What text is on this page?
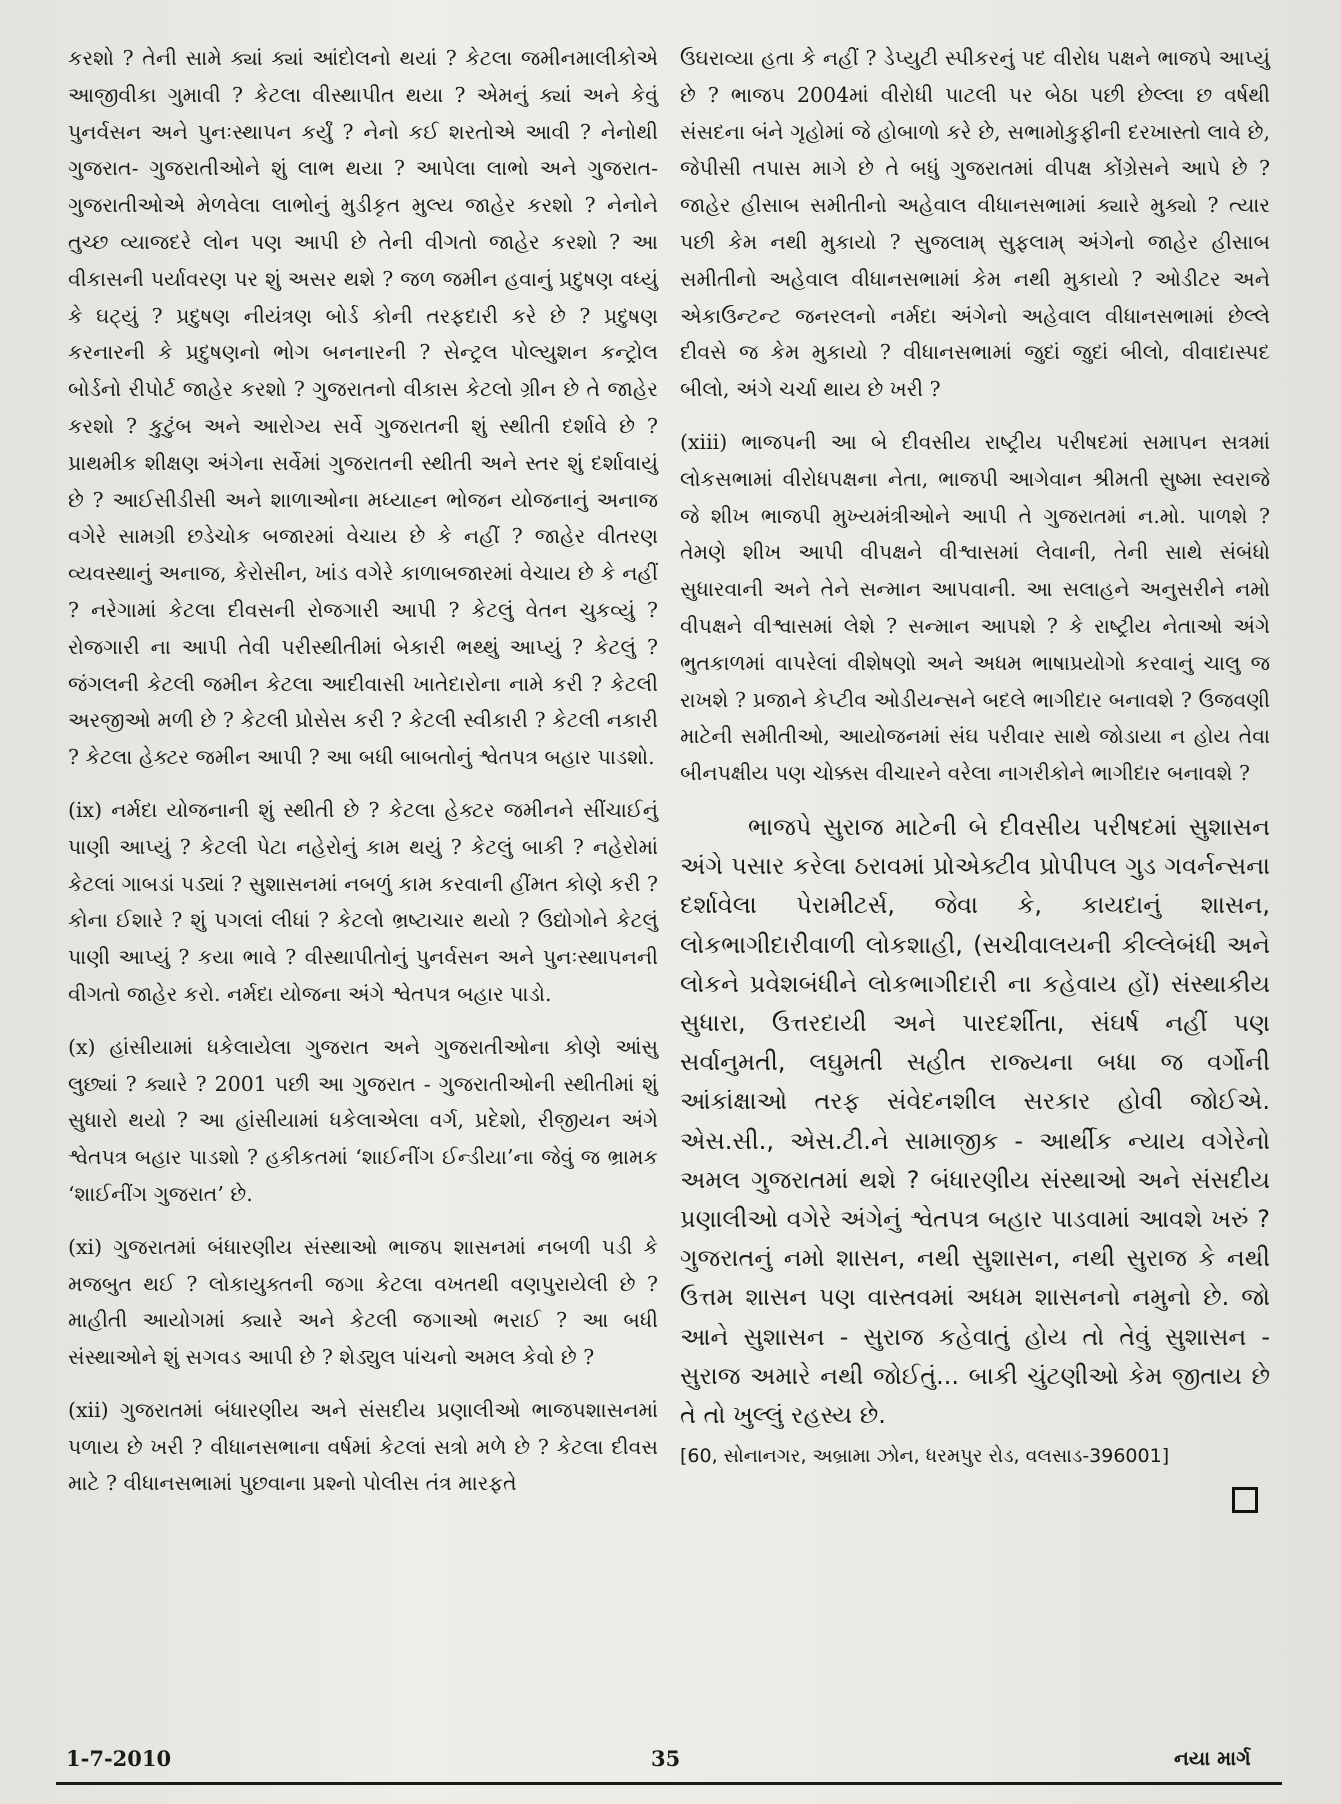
કરશો ? તેની સામે ક્યાં ક્યાં આંદોલનો થયાં ? કેટલા જમીનમાલીકોએ આજીવીકા ગુમાવી ? કેટલા વીસ્થાપીત થયા ? એમનું ક્યાં અને કેવું પુનર્વસન અને પુનઃસ્થાપન કર્યું ? નેનો કઈ શરતોએ આવી ? નેનોથી ગુજરાત- ગુજરાતીઓને શું લાભ થયા ? આપેલા લાભો અને ગુજરાત-ગુજરાતીઓએ મેળવેલા લાભોનું મુડીકૃત મુલ્ય જાહેર કરશો ? નેનોને તુચ્છ વ્યાજદરે લોન પણ આપી છે તેની વીગતો જાહેર કરશો ? આ વીકાસની પર્યાવરણ પર શું અસર થશે ? જળ જમીન હવાનું પ્રદુષણ વધ્યું કે ઘટ્યું ? પ્રદુષણ નીયંત્રણ બોર્ડ કોની તરફદારી કરે છે ? પ્રદુષણ કરનારની કે પ્રદુષણનો ભોગ બનનારની ? સેન્ટ્રલ પોલ્યુશન કન્ટ્રોલ બોર્ડનો રીપોર્ટ જાહેર કરશો ? ગુજરાતનો વીકાસ કેટલો ગ્રીન છે તે જાહેર કરશો ? કુટુંબ અને આરોગ્ય સર્વે ગુજરાતની શું સ્થીતી દર્શાવે છે ? પ્રાથમીક શીક્ષણ અંગેના સર્વેમાં ગુજરાતની સ્થીતી અને સ્તર શું દર્શાવાયું છે ? આઈસીડીસી અને શાળાઓના મધ્યાહ્ન ભોજન યોજનાનું અનાજ વગેરે સામગ્રી છડેચોક બજારમાં વેચાય છે કે નહીં ? જાહેર વીતરણ વ્યવસ્થાનું અનાજ, કેરોસીન, ખાંડ વગેરે કાળાબજારમાં વેચાય છે કે નહીં ? નરેગામાં કેટલા દીવસની રોજગારી આપી ? કેટલું વેતન ચુકવ્યું ? રોજગારી ના આપી તેવી પરીસ્થીતીમાં બેકારી ભથ્થું આપ્યું ? કેટલું ? જંગલની કેટલી જમીન કેટલા આદીવાસી ખાતેદારોના નામે કરી ? કેટલી અરજીઓ મળી છે ? કેટલી પ્રોસેસ કરી ? કેટલી સ્વીકારી ? કેટલી નકારી ? કેટલા હેક્ટર જમીન આપી ? આ બધી બાબતોનું શ્વેતપત્ર બહાર પાડશો.

(ix) નર્મદા યોજનાની શું સ્થીતી છે ? કેટલા હેક્ટર જમીનને સીંચાઈનું પાણી આપ્યું ? કેટલી પેટા નહેરોનું કામ થયું ? કેટલું બાકી ? નહેરોમાં કેટલાં ગાબડાં પડ્યાં ? સુશાસનમાં નબળું કામ કરવાની હીંમત કોણે કરી ? કોના ઈશારે ? શું પગલાં લીધાં ? કેટલો ભ્રષ્ટાચાર થયો ? ઉદ્યોગોને કેટલું પાણી આપ્યું ? કયા ભાવે ? વીસ્થાપીતોનું પુનર્વસન અને પુનઃસ્થાપનની વીગતો જાહેર કરો. નર્મદા યોજના અંગે શ્વેતપત્ર બહાર પાડો.

(x) હાંસીયામાં ધકેલાયેલા ગુજરાત અને ગુજરાતીઓના કોણે આંસુ લુછ્યાં ? ક્યારે ? 2001 પછી આ ગુજરાત - ગુજરાતીઓની સ્થીતીમાં શું સુધારો થયો ? આ હાંસીયામાં ધકેલાએલા વર્ગ, પ્રદેશો, રીજીયન અંગે શ્વેતપત્ર બહાર પાડશો ? હકીકતમાં ‘શાઈનીંગ ઈન્ડીયા’ના જેવું જ ભ્રામક ‘શાઈનીંગ ગુજરાત’ છે.

(xi) ગુજરાતમાં બંધારણીય સંસ્થાઓ ભાજપ શાસનમાં નબળી પડી કે મજબુત થઈ ? લોકાયુક્તની જગા કેટલા વખતથી વણપુરાયેલી છે ? માહીતી આયોગમાં ક્યારે અને કેટલી જગાઓ ભરાઈ ? આ બધી સંસ્થાઓને શું સગવડ આપી છે ? શેડ્યુલ પાંચનો અમલ કેવો છે ?

(xii) ગુજરાતમાં બંધારણીય અને સંસદીય પ્રણાલીઓ ભાજપશાસનમાં પળાય છે ખરી ? વીધાનસભાના વર્ષમાં કેટલાં સત્રો મળે છે ? કેટલા દીવસ માટે ? વીધાનસભામાં પુછવાના પ્રશ્નો પોલીસ તંત્ર મારફતે

ઉઘરાવ્યા હતા કે નહીં ? ડેપ્યુટી સ્પીકરનું પદ વીરોધ પક્ષને ભાજપે આપ્યું છે ? ભાજપ 2004માં વીરોધી પાટલી પર બેઠા પછી છેલ્લા છ વર્ષથી સંસદના બંને ગૃહોમાં જે હોબાળો કરે છે, સભામોકુફીની દરખાસ્તો લાવે છે, જેપીસી તપાસ માગે છે તે બધું ગુજરાતમાં વીપક્ષ કોંગ્રેસને આપે છે ? જાહેર હીસાબ સમીતીનો અહેવાલ વીધાનસભામાં ક્યારે મુક્યો ? ત્યાર પછી કેમ નથી મુકાયો ? સુજલામ્ સુફલામ્ અંગેનો જાહેર હીસાબ સમીતીનો અહેવાલ વીધાનસભામાં કેમ નથી મુકાયો ? ઓડીટર અને એકાઉન્ટન્ટ જનરલનો નર્મદા અંગેનો અહેવાલ વીધાનસભામાં છેલ્લે દીવસે જ કેમ મુકાયો ? વીધાનસભામાં જુદાં જુદાં બીલો, વીવાદાસ્પદ બીલો, અંગે ચર્ચા થાય છે ખરી ?

(xiii) ભાજપની આ બે દીવસીય રાષ્ટ્રીય પરીષદમાં સમાપન સત્રમાં લોકસભામાં વીરોધપક્ષના નેતા, ભાજપી આગેવાન શ્રીમતી સુષ્મા સ્વરાજે જે શીખ ભાજપી મુખ્યમંત્રીઓને આપી તે ગુજરાતમાં ન.મો. પાળશે ? તેમણે શીખ આપી વીપક્ષને વીશ્વાસમાં લેવાની, તેની સાથે સંબંધો સુધારવાની અને તેને સન્માન આપવાની. આ સલાહને અનુસરીને નમો વીપક્ષને વીશ્વાસમાં લેશે ? સન્માન આપશે ? કે રાષ્ટ્રીય નેતાઓ અંગે ભુતકાળમાં વાપરેલાં વીશેષણો અને અધમ ભાષાપ્રયોગો કરવાનું ચાલુ જ રાખશે ? પ્રજાને કેપ્ટીવ ઓડીયન્સને બદલે ભાગીદાર બનાવશે ? ઉજવણી માટેની સમીતીઓ, આયોજનમાં સંઘ પરીવાર સાથે જોડાયા ન હોય તેવા બીનપક્ષીય પણ ચોક્કસ વીચારને વરેલા નાગરીકોને ભાગીદાર બનાવશે ?

ભાજપે સુરાજ માટેની બે દીવસીય પરીષદમાં સુશાસન અંગે પસાર કરેલા ઠરાવમાં પ્રોએક્ટીવ પ્રોપીપલ ગુડ ગવર્નન્સના દર્શાવેલા પેરામીટર્સ, જેવા કે, કાયદાનું શાસન, લોકભાગીદારીવાળી લોકશાહી, (સચીવાલયની કીલ્લેબંધી અને લોકને પ્રવેશબંધીને લોકભાગીદારી ના કહેવાય હોં) સંસ્થાકીય સુધારા, ઉત્તરદાયી અને પારદર્શીતા, સંઘર્ષ નહીં પણ સર્વાનુમતી, લઘુમતી સહીત રાજ્યના બધા જ વર્ગોની આંકાંક્ષાઓ તરફ સંવેદનશીલ સરકાર હોવી જોઈએ. એસ.સી., એસ.ટી.ને સામાજીક - આર્થીક ન્યાય વગેરેનો અમલ ગુજરાતમાં થશે ? બંધારણીય સંસ્થાઓ અને સંસદીય પ્રણાલીઓ વગેરે અંગેનું શ્વેતપત્ર બહાર પાડવામાં આવશે ખરું ? ગુજરાતનું નમો શાસન, નથી સુશાસન, નથી સુરાજ કે નથી ઉત્તમ શાસન પણ વાસ્તવમાં અધમ શાસનનો નમુનો છે. જો આને સુશાસન - સુરાજ કહેવાતું હોય તો તેવું સુશાસન - સુરાજ અમારે નથી જોઈતું... બાકી ચુંટણીઓ કેમ જીતાય છે તે તો ખુલ્લું રહસ્ય છે.

[60, સોનાનગર, અબ્રામા ઝોન, ધરમપુર રોડ, વલસાડ-396001]

1-7-2010	35	નયા માર્ગ
